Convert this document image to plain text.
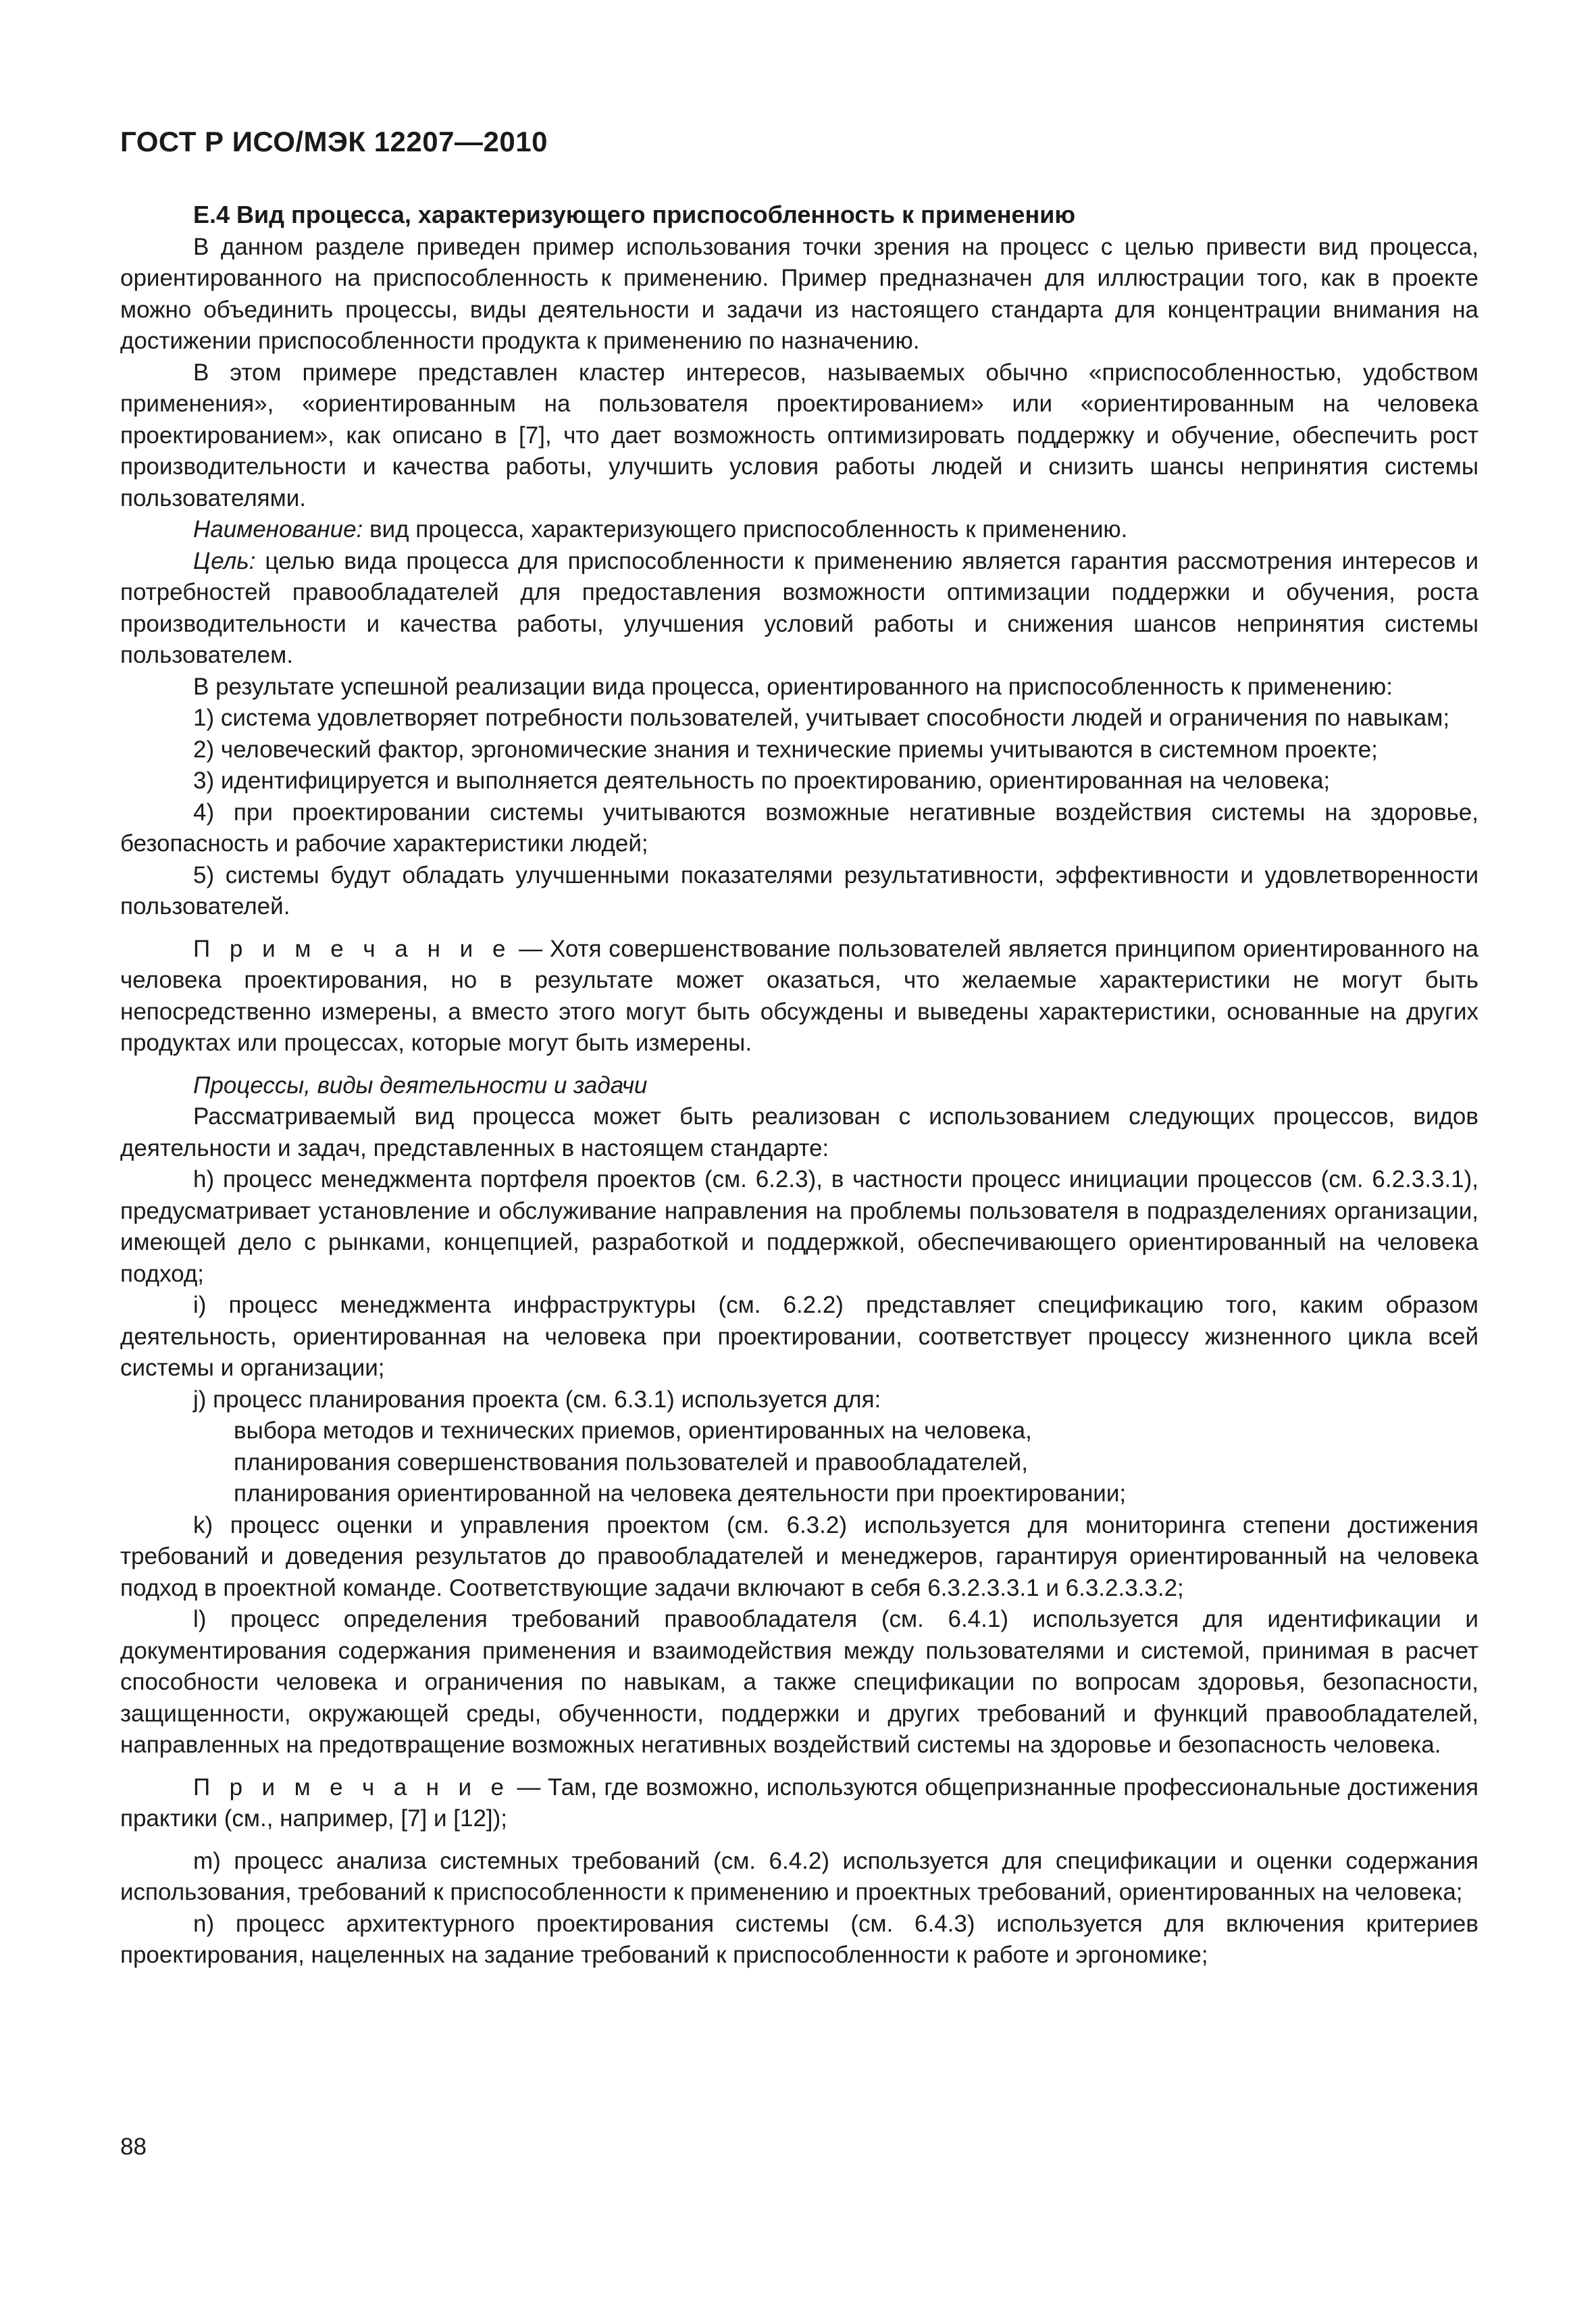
ГОСТ Р ИСО/МЭК 12207—2010

Е.4 Вид процесса, характеризующего приспособленность к применению

В данном разделе приведен пример использования точки зрения на процесс с целью привести вид процесса, ориентированного на приспособленность к применению. Пример предназначен для иллюстрации того, как в проекте можно объединить процессы, виды деятельности и задачи из настоящего стандарта для концентрации внимания на достижении приспособленности продукта к применению по назначению.

В этом примере представлен кластер интересов, называемых обычно «приспособленностью, удобством применения», «ориентированным на пользователя проектированием» или «ориентированным на человека проектированием», как описано в [7], что дает возможность оптимизировать поддержку и обучение, обеспечить рост производительности и качества работы, улучшить условия работы людей и снизить шансы непринятия системы пользователями.

Наименование: вид процесса, характеризующего приспособленность к применению.

Цель: целью вида процесса для приспособленности к применению является гарантия рассмотрения интересов и потребностей правообладателей для предоставления возможности оптимизации поддержки и обучения, роста производительности и качества работы, улучшения условий работы и снижения шансов непринятия системы пользователем.

В результате успешной реализации вида процесса, ориентированного на приспособленность к применению:

1) система удовлетворяет потребности пользователей, учитывает способности людей и ограничения по навыкам;

2) человеческий фактор, эргономические знания и технические приемы учитываются в системном проекте;

3) идентифицируется и выполняется деятельность по проектированию, ориентированная на человека;

4) при проектировании системы учитываются возможные негативные воздействия системы на здоровье, безопасность и рабочие характеристики людей;

5) системы будут обладать улучшенными показателями результативности, эффективности и удовлетворенности пользователей.

П р и м е ч а н и е — Хотя совершенствование пользователей является принципом ориентированного на человека проектирования, но в результате может оказаться, что желаемые характеристики не могут быть непосредственно измерены, а вместо этого могут быть обсуждены и выведены характеристики, основанные на других продуктах или процессах, которые могут быть измерены.

Процессы, виды деятельности и задачи

Рассматриваемый вид процесса может быть реализован с использованием следующих процессов, видов деятельности и задач, представленных в настоящем стандарте:

h) процесс менеджмента портфеля проектов (см. 6.2.3), в частности процесс инициации процессов (см. 6.2.3.3.1), предусматривает установление и обслуживание направления на проблемы пользователя в подразделениях организации, имеющей дело с рынками, концепцией, разработкой и поддержкой, обеспечивающего ориентированный на человека подход;

i) процесс менеджмента инфраструктуры (см. 6.2.2) представляет спецификацию того, каким образом деятельность, ориентированная на человека при проектировании, соответствует процессу жизненного цикла всей системы и организации;

j) процесс планирования проекта (см. 6.3.1) используется для:

выбора методов и технических приемов, ориентированных на человека,

планирования совершенствования пользователей и правообладателей,

планирования ориентированной на человека деятельности при проектировании;

k) процесс оценки и управления проектом (см. 6.3.2) используется для мониторинга степени достижения требований и доведения результатов до правообладателей и менеджеров, гарантируя ориентированный на человека подход в проектной команде. Соответствующие задачи включают в себя 6.3.2.3.3.1 и 6.3.2.3.3.2;

l) процесс определения требований правообладателя (см. 6.4.1) используется для идентификации и документирования содержания применения и взаимодействия между пользователями и системой, принимая в расчет способности человека и ограничения по навыкам, а также спецификации по вопросам здоровья, безопасности, защищенности, окружающей среды, обученности, поддержки и других требований и функций правообладателей, направленных на предотвращение возможных негативных воздействий системы на здоровье и безопасность человека.

П р и м е ч а н и е — Там, где возможно, используются общепризнанные профессиональные достижения практики (см., например, [7] и [12]);

m) процесс анализа системных требований (см. 6.4.2) используется для спецификации и оценки содержания использования, требований к приспособленности к применению и проектных требований, ориентированных на человека;

n) процесс архитектурного проектирования системы (см. 6.4.3) используется для включения критериев проектирования, нацеленных на задание требований к приспособленности к работе и эргономике;

88
